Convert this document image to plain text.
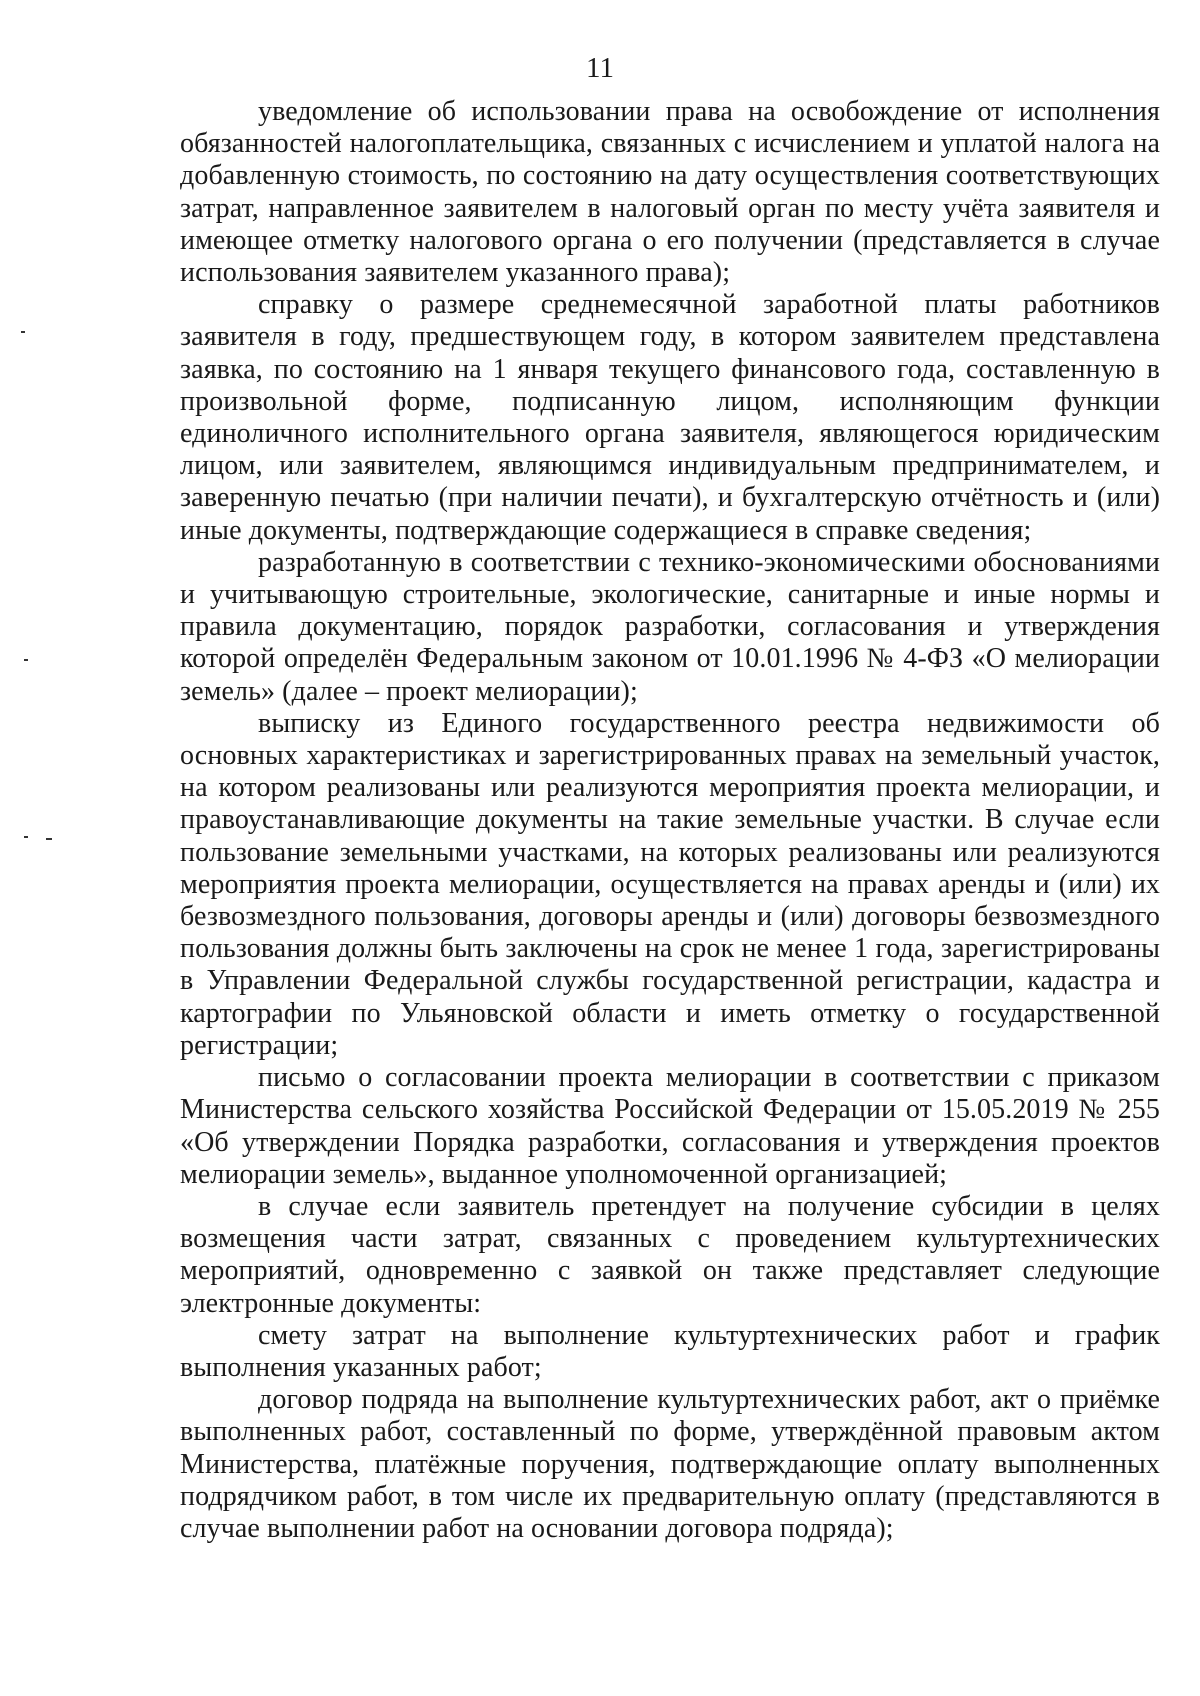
11

уведомление об использовании права на освобождение от исполнения обязанностей налогоплательщика, связанных с исчислением и уплатой налога на добавленную стоимость, по состоянию на дату осуществления соответствующих затрат, направленное заявителем в налоговый орган по месту учёта заявителя и имеющее отметку налогового органа о его получении (представляется в случае использования заявителем указанного права);

справку о размере среднемесячной заработной платы работников заявителя в году, предшествующем году, в котором заявителем представлена заявка, по состоянию на 1 января текущего финансового года, составленную в произвольной форме, подписанную лицом, исполняющим функции единоличного исполнительного органа заявителя, являющегося юридическим лицом, или заявителем, являющимся индивидуальным предпринимателем, и заверенную печатью (при наличии печати), и бухгалтерскую отчётность и (или) иные документы, подтверждающие содержащиеся в справке сведения;

разработанную в соответствии с технико-экономическими обоснованиями и учитывающую строительные, экологические, санитарные и иные нормы и правила документацию, порядок разработки, согласования и утверждения которой определён Федеральным законом от 10.01.1996 № 4-ФЗ «О мелиорации земель» (далее – проект мелиорации);

выписку из Единого государственного реестра недвижимости об основных характеристиках и зарегистрированных правах на земельный участок, на котором реализованы или реализуются мероприятия проекта мелиорации, и правоустанавливающие документы на такие земельные участки. В случае если пользование земельными участками, на которых реализованы или реализуются мероприятия проекта мелиорации, осуществляется на правах аренды и (или) их безвозмездного пользования, договоры аренды и (или) договоры безвозмездного пользования должны быть заключены на срок не менее 1 года, зарегистрированы в Управлении Федеральной службы государственной регистрации, кадастра и картографии по Ульяновской области и иметь отметку о государственной регистрации;

письмо о согласовании проекта мелиорации в соответствии с приказом Министерства сельского хозяйства Российской Федерации от 15.05.2019 № 255 «Об утверждении Порядка разработки, согласования и утверждения проектов мелиорации земель», выданное уполномоченной организацией;

в случае если заявитель претендует на получение субсидии в целях возмещения части затрат, связанных с проведением культуртехнических мероприятий, одновременно с заявкой он также представляет следующие электронные документы:

смету затрат на выполнение культуртехнических работ и график выполнения указанных работ;

договор подряда на выполнение культуртехнических работ, акт о приёмке выполненных работ, составленный по форме, утверждённой правовым актом Министерства, платёжные поручения, подтверждающие оплату выполненных подрядчиком работ, в том числе их предварительную оплату (представляются в случае выполнении работ на основании договора подряда);
